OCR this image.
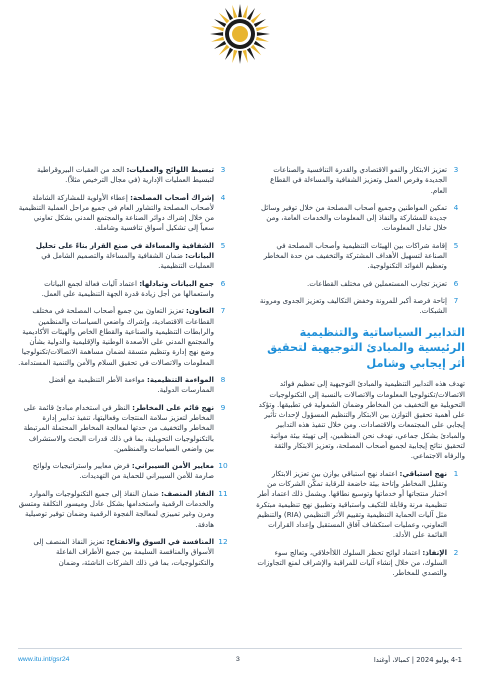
3
تعزيز الابتكار والنمو الاقتصادي والقدرة التنافسية والصناعات الجديدة وفرص العمل وتعزيز الشفافية والمساءلة في القطاع العام.
4
تمكين المواطنين وجميع أصحاب المصلحة من خلال توفير وسائل جديدة للمشاركة والنفاذ إلى المعلومات والخدمات العامة، ومن خلال تبادل المعلومات.
5
إقامة شراكات بين الهيئات التنظيمية وأصحاب المصلحة في الصناعة لتسهيل الأهداف المشتركة والتخفيف من حدة المخاطر وتعظيم الفوائد التكنولوجية.
6
تعزيز تجارب المستعملين في مختلف القطاعات.
7
إتاحة فرصة أكبر للمرونة وخفض التكاليف وتعزيز الجدوى ومرونة الشبكات.
التدابير السياساتية والتنظيمية الرئيسية والمبادئ التوجيهية لتحقيق أثر إيجابي وشامل
تهدف هذه التدابير التنظيمية والمبادئ التوجيهية إلى تعظيم فوائد الاتصالات/تكنولوجيا المعلومات والاتصالات بالنسبة إلى التكنولوجيات التحويلية مع التخفيف من المخاطر وضمان الشمولية في تطبيقها. وتؤكد على أهمية تحقيق التوازن بين الابتكار والتنظيم المسؤول لإحداث تأثير إيجابي على المجتمعات والاقتصادات. ومن خلال تنفيذ هذه التدابير والمبادئ بشكل جماعي، نهدف نحن المنظمين، إلى تهيئة بيئة مواتية لتحقيق نتائج إيجابية لجميع أصحاب المصلحة، وتعزيز الابتكار والثقة والرفاه الاجتماعي.
1
نهج استباقي: اعتماد نهج استباقي يوازن بين تعزيز الابتكار وتقليل المخاطر وإتاحة بيئة خاضعة للرقابة تمكّن الشركات من اختبار منتجاتها أو خدماتها وتوسيع نطاقها. ويشمل ذلك اعتماد أطر تنظيمية مرنة وقابلة للتكيف واستباقية وتطبيق نهج تنظيمية مبتكرة مثل آليات الحماية التنظيمية وتقييم الأثر التنظيمي (RIA) والتنظيم التعاوني، وعمليات استكشاف آفاق المستقبل وإعداد القرارات القائمة على الأدلة.
2
الإنفاذ: اعتماد لوائح تحظر السلوك اللاأخلاقي، وتعالج سوء السلوك، من خلال إنشاء آليات للمراقبة والإشراف لمنع التجاوزات والتصدي للمخاطر.
3
تبسيط اللوائح والعمليات: الحد من العقبات البيروقراطية لتبسيط العمليات الإدارية (في مجال الترخيص مثلاً).
4
إشراك أصحاب المصلحة: إعطاء الأولوية للمشاركة الشاملة لأصحاب المصلحة والتشاور العام في جميع مراحل العملية التنظيمية من خلال إشراك دوائر الصناعة والمجتمع المدني بشكل تعاوني سعياً إلى تشكيل أسواق تنافسية وشاملة.
5
الشفافية والمساءلة في صنع القرار بناءً على تحليل البيانات: ضمان الشفافية والمساءلة والتصميم الشامل في العمليات التنظيمية.
6
جمع البيانات وتبادلها: اعتماد آليات فعالة لجمع البيانات واستعمالها من أجل زيادة قدرة الجهة التنظيمية على العمل.
7
التعاون: تعزيز التعاون بين جميع أصحاب المصلحة في مختلف القطاعات الاقتصادية، وإشراك واضعي السياسات والمنظمين والرابطات التنظيمية والصناعية والقطاع الخاص والهيئات الأكاديمية والمجتمع المدني على الأصعدة الوطنية والإقليمية والدولية بشأن وضع نهج إدارة وتنظيم متسقة لضمان مساهمة الاتصالات/تكنولوجيا المعلومات والاتصالات في تحقيق السلام والأمن والتنمية المستدامة.
8
المواءمة التنظيمية: مواءمة الأطر التنظيمية مع أفضل الممارسات الدولية.
9
نهج قائم على المخاطر: النظر في استخدام مبادئ قائمة على المخاطر لتعزيز سلامة المنتجات وفعاليتها، تنفيذ تدابير إدارة المخاطر والتخفيف من حدتها لمعالجة المخاطر المحتملة المرتبطة بالتكنولوجيات التحويلية، بما في ذلك قدرات البحث والاستشراف بين واضعي السياسات والمنظمين.
10
معايير الأمن السيبراني: فرض معايير واستراتيجيات ولوائح صارمة للأمن السيبراني للحماية من التهديدات.
11
النفاذ المنصف: ضمان النفاذ إلى جميع التكنولوجيات والموارد والخدمات الرقمية واستخدامها بشكل عادل وميسور التكلفة ومتسق ومرن وغير تمييزي لمعالجة الفجوة الرقمية وضمان توفير توصيلية هادفة.
12
المنافسة في السوق والانفتاح: تعزيز النفاذ المنصف إلى الأسواق والمنافسة السليمة بين جميع الأطراف الفاعلة والتكنولوجيات، بما في ذلك الشركات الناشئة، وضمان
www.itu.int/gsr24	3	4-1 يوليو 2024 | كمبالا، أوغندا
